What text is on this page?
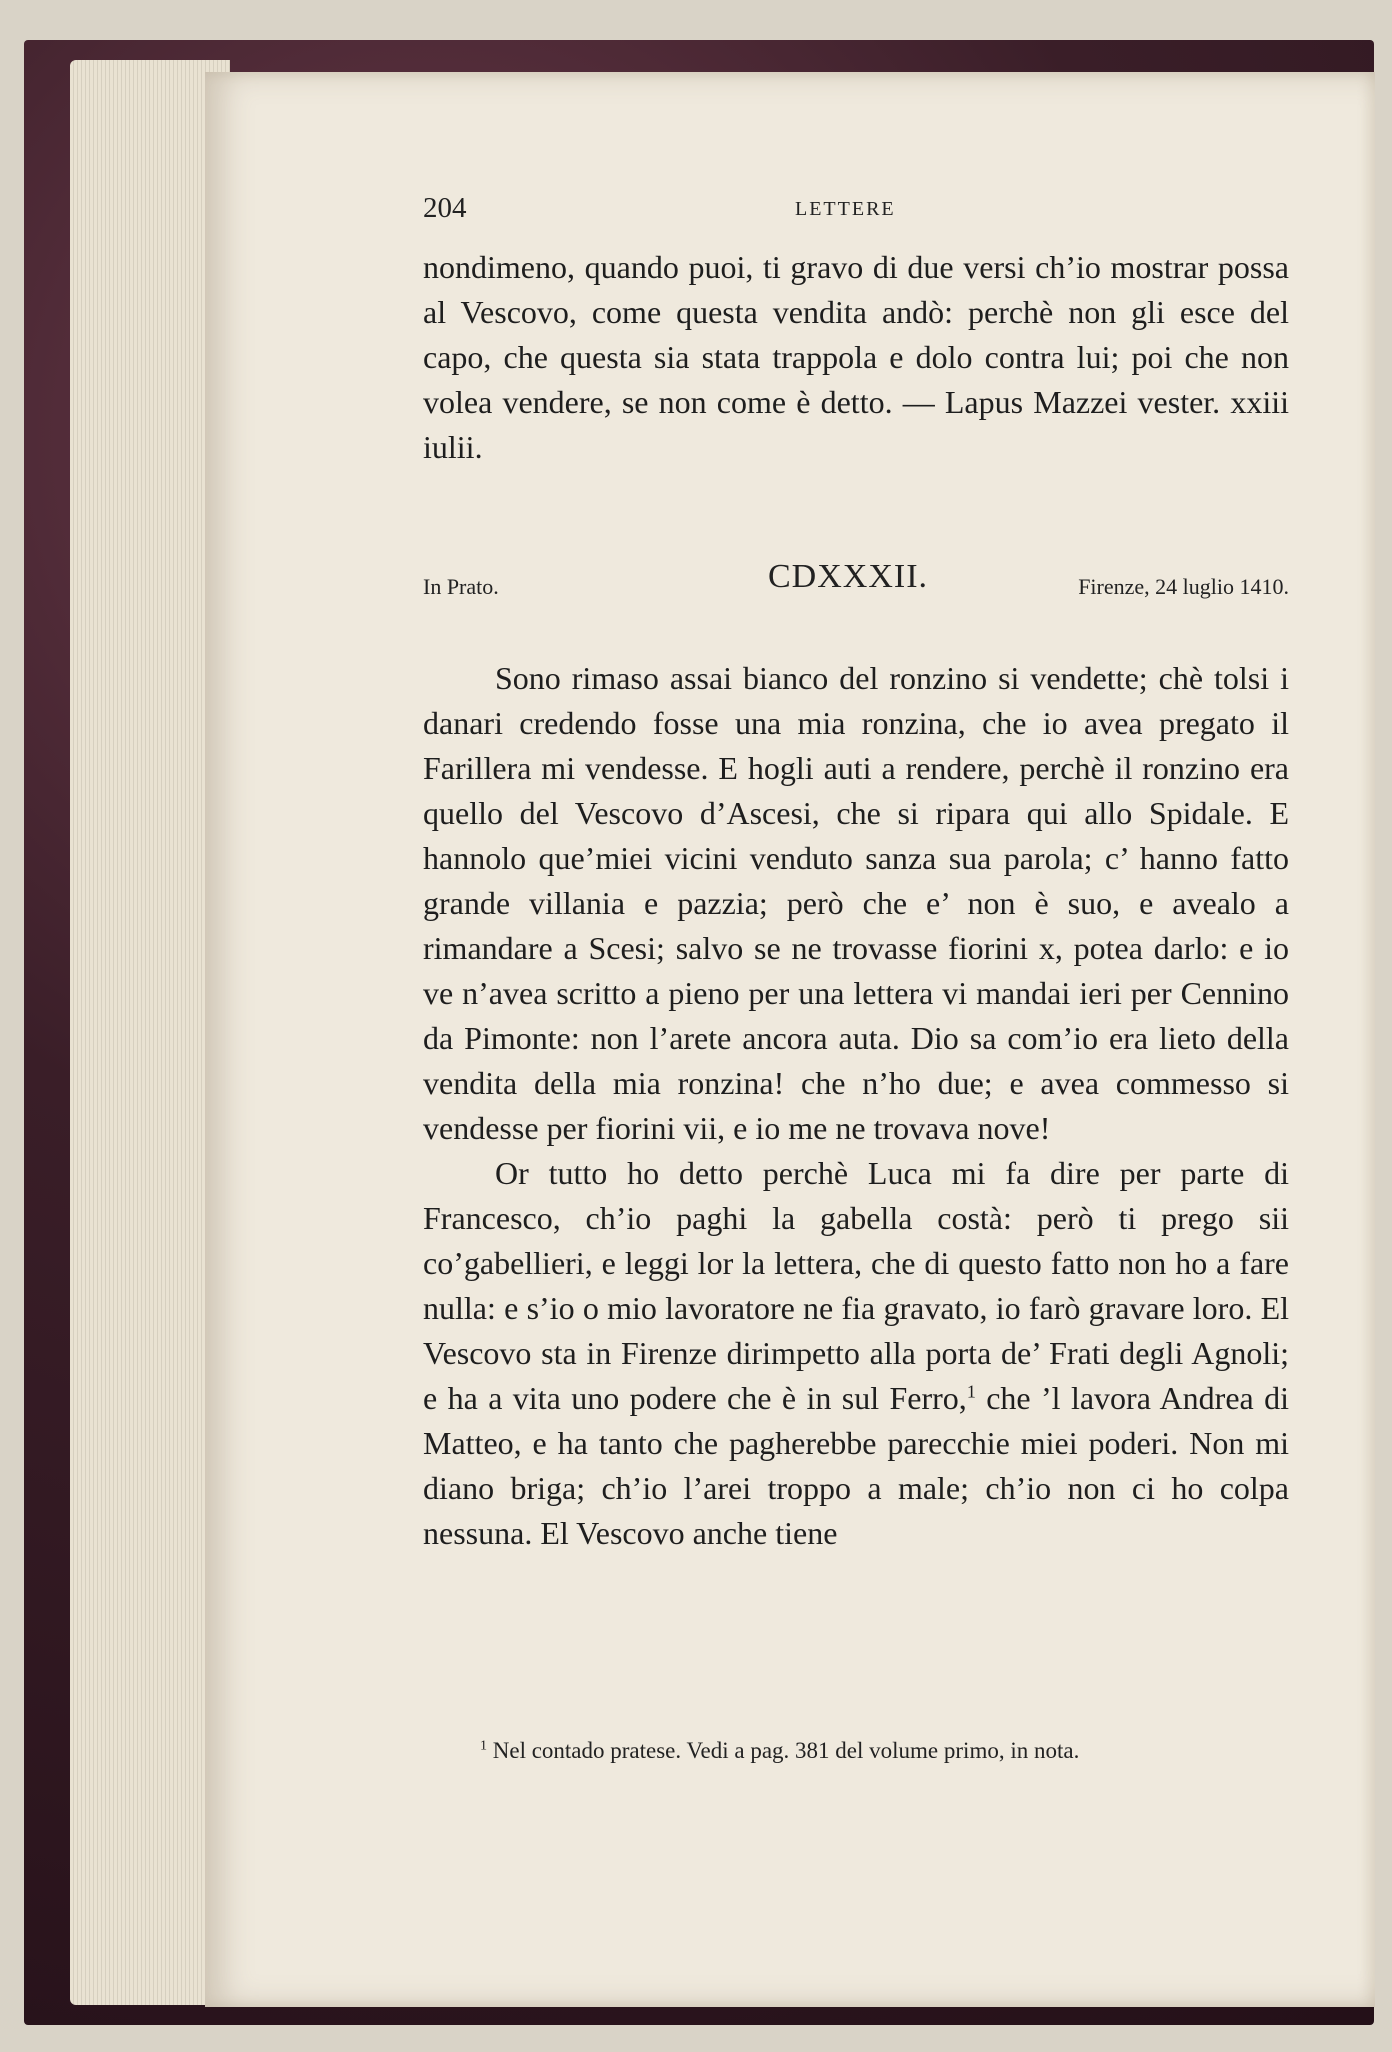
204	LETTERE

nondimeno, quando puoi, ti gravo di due versi ch’io mostrar possa al Vescovo, come questa vendita andò: perchè non gli esce del capo, che questa sia stata trappola e dolo contra lui; poi che non volea vendere, se non come è detto. — Lapus Mazzei vester. xxiii iulii.

In Prato.	CDXXXII.	Firenze, 24 luglio 1410.

Sono rimaso assai bianco del ronzino si vendette; chè tolsi i danari credendo fosse una mia ronzina, che io avea pregato il Farillera mi vendesse. E hogli auti a rendere, perchè il ronzino era quello del Vescovo d’Ascesi, che si ripara qui allo Spidale. E hannolo que’miei vicini venduto sanza sua parola; c’ hanno fatto grande villania e pazzia; però che e’ non è suo, e avealo a rimandare a Scesi; salvo se ne trovasse fiorini x, potea darlo: e io ve n’avea scritto a pieno per una lettera vi mandai ieri per Cennino da Pimonte: non l’arete ancora auta. Dio sa com’io era lieto della vendita della mia ronzina! che n’ho due; e avea commesso si vendesse per fiorini vii, e io me ne trovava nove!

Or tutto ho detto perchè Luca mi fa dire per parte di Francesco, ch’io paghi la gabella costà: però ti prego sii co’gabellieri, e leggi lor la lettera, che di questo fatto non ho a fare nulla: e s’io o mio lavoratore ne fia gravato, io farò gravare loro. El Vescovo sta in Firenze dirimpetto alla porta de’ Frati degli Agnoli; e ha a vita uno podere che è in sul Ferro,$^1$ che ’l lavora Andrea di Matteo, e ha tanto che pagherebbe parecchie miei poderi. Non mi diano briga; ch’io l’arei troppo a male; ch’io non ci ho colpa nessuna. El Vescovo anche tiene

$^1$ Nel contado pratese. Vedi a pag. 381 del volume primo, in nota.
